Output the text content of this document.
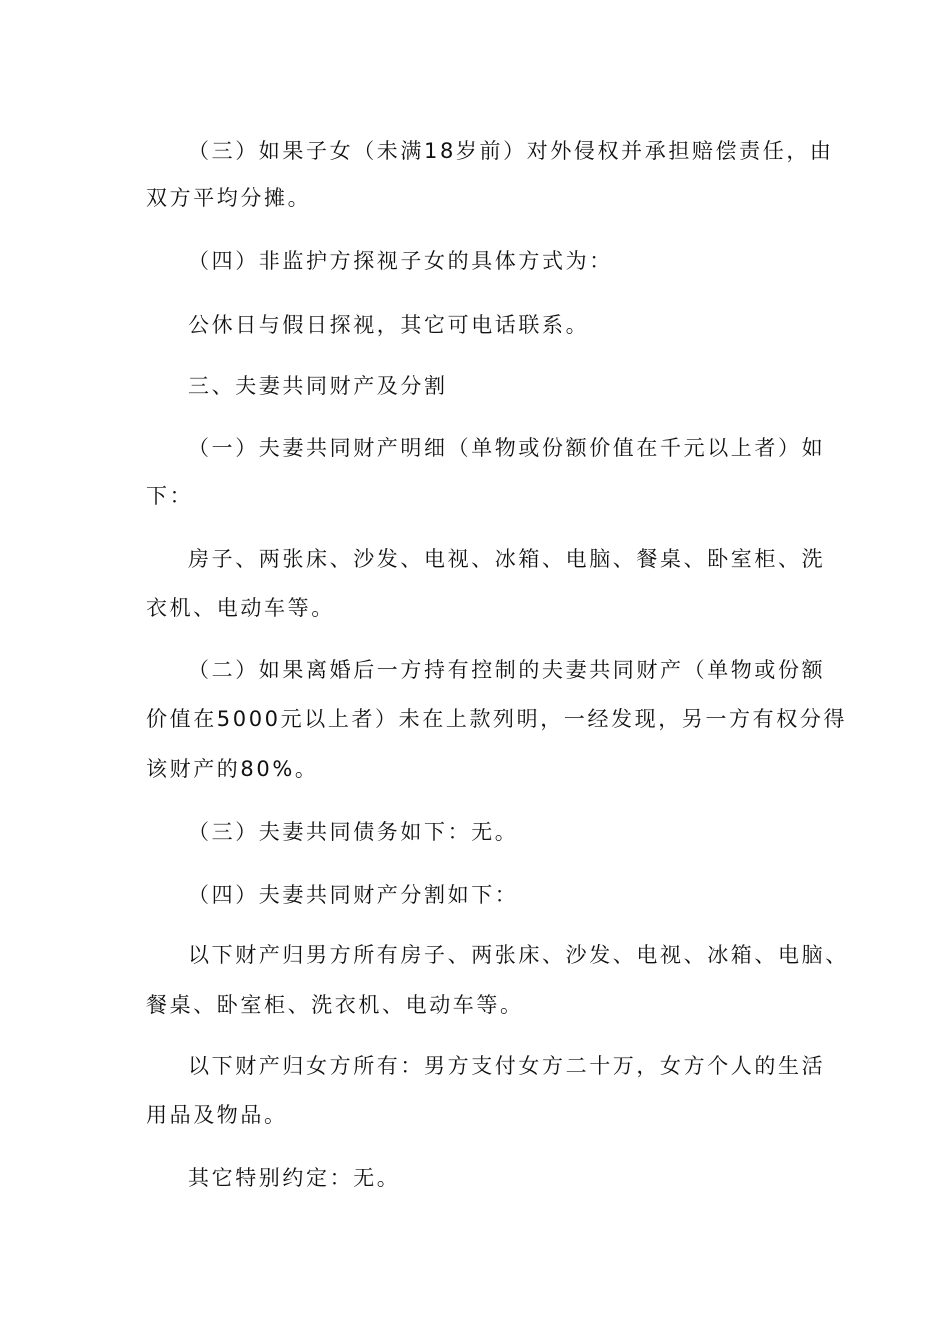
（三）如果子女（未满18岁前）对外侵权并承担赔偿责任，由
双方平均分摊。
（四）非监护方探视子女的具体方式为：
公休日与假日探视，其它可电话联系。
三、夫妻共同财产及分割
（一）夫妻共同财产明细（单物或份额价值在千元以上者）如
下：
房子、两张床、沙发、电视、冰箱、电脑、餐桌、卧室柜、洗
衣机、电动车等。
（二）如果离婚后一方持有控制的夫妻共同财产（单物或份额
价值在5000元以上者）未在上款列明，一经发现，另一方有权分得
该财产的80%。
（三）夫妻共同债务如下：无。
（四）夫妻共同财产分割如下：
以下财产归男方所有房子、两张床、沙发、电视、冰箱、电脑、
餐桌、卧室柜、洗衣机、电动车等。
以下财产归女方所有：男方支付女方二十万，女方个人的生活
用品及物品。
其它特别约定：无。
